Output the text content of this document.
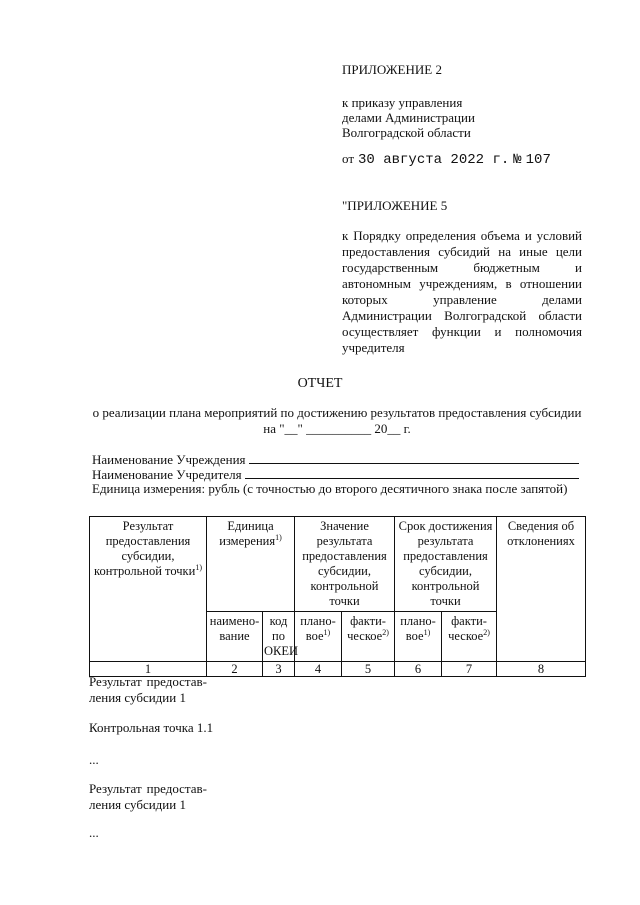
ПРИЛОЖЕНИЕ 2
к приказу управления
делами Администрации
Волгоградской области
от 30 августа 2022 г. № 107
"ПРИЛОЖЕНИЕ 5
к Порядку определения объема и условий предоставления субсидий на иные цели государственным бюджетным и автономным учреждениям, в отношении которых управление делами Администрации Волгоградской области осуществляет функции и полномочия учредителя
ОТЧЕТ
о реализации плана мероприятий по достижению результатов предоставления субсидии
на "__" __________ 20__ г.
Наименование Учреждения
Наименование Учредителя
Единица измерения: рубль (с точностью до второго десятичного знака после запятой)
Результат предоставления субсидии, контрольной точки$^{1)}$	Единица измерения$^{1)}$		Значение результата предоставления субсидии, контрольной точки		Срок достижения результата предоставления субсидии, контрольной точки		Сведения об отклонениях
	наимено-вание	код по ОКЕИ	плано-вое$^{1)}$	факти-ческое$^{2)}$	плано-вое$^{1)}$	факти-ческое$^{2)}$
1	2	3	4	5	6	7	8
Результат предостав-ления субсидии 1
Контрольная точка 1.1
...
Результат предостав-ления субсидии 1
...
